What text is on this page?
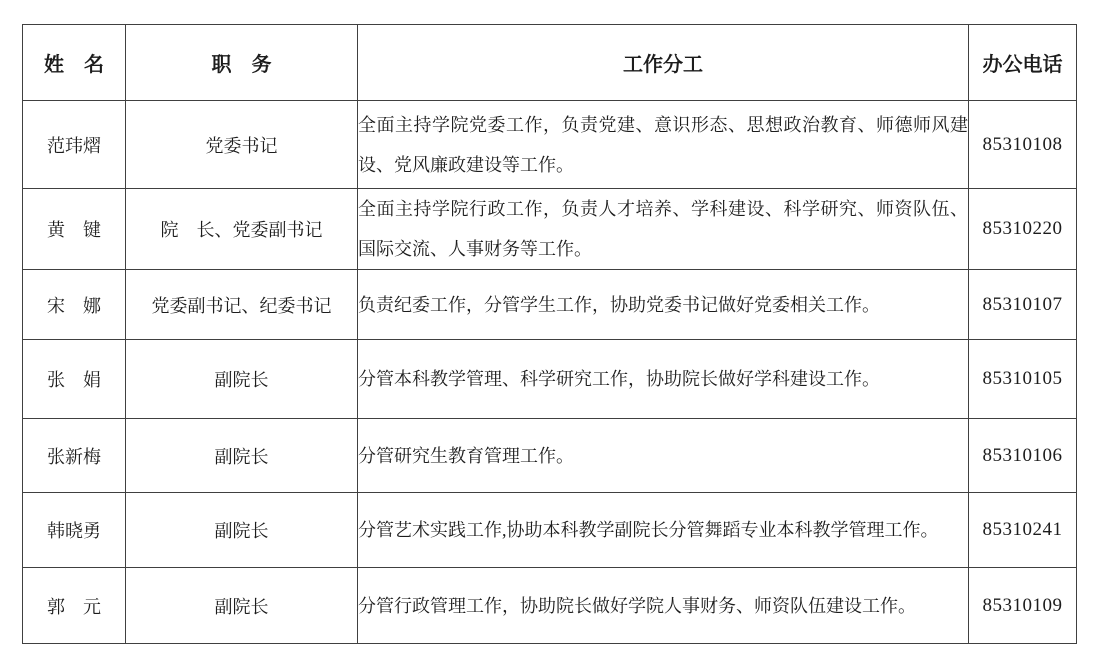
姓　名	职　务	工作分工	办公电话
范玮熠	党委书记	全面主持学院党委工作，负责党建、意识形态、思想政治教育、师德师风建设、党风廉政建设等工作。	85310108
黄　键	院　长、党委副书记	全面主持学院行政工作，负责人才培养、学科建设、科学研究、师资队伍、国际交流、人事财务等工作。	85310220
宋　娜	党委副书记、纪委书记	负责纪委工作，分管学生工作，协助党委书记做好党委相关工作。	85310107
张　娟	副院长	分管本科教学管理、科学研究工作，协助院长做好学科建设工作。	85310105
张新梅	副院长	分管研究生教育管理工作。	85310106
韩晓勇	副院长	分管艺术实践工作,协助本科教学副院长分管舞蹈专业本科教学管理工作。	85310241
郭　元	副院长	分管行政管理工作，协助院长做好学院人事财务、师资队伍建设工作。	85310109
